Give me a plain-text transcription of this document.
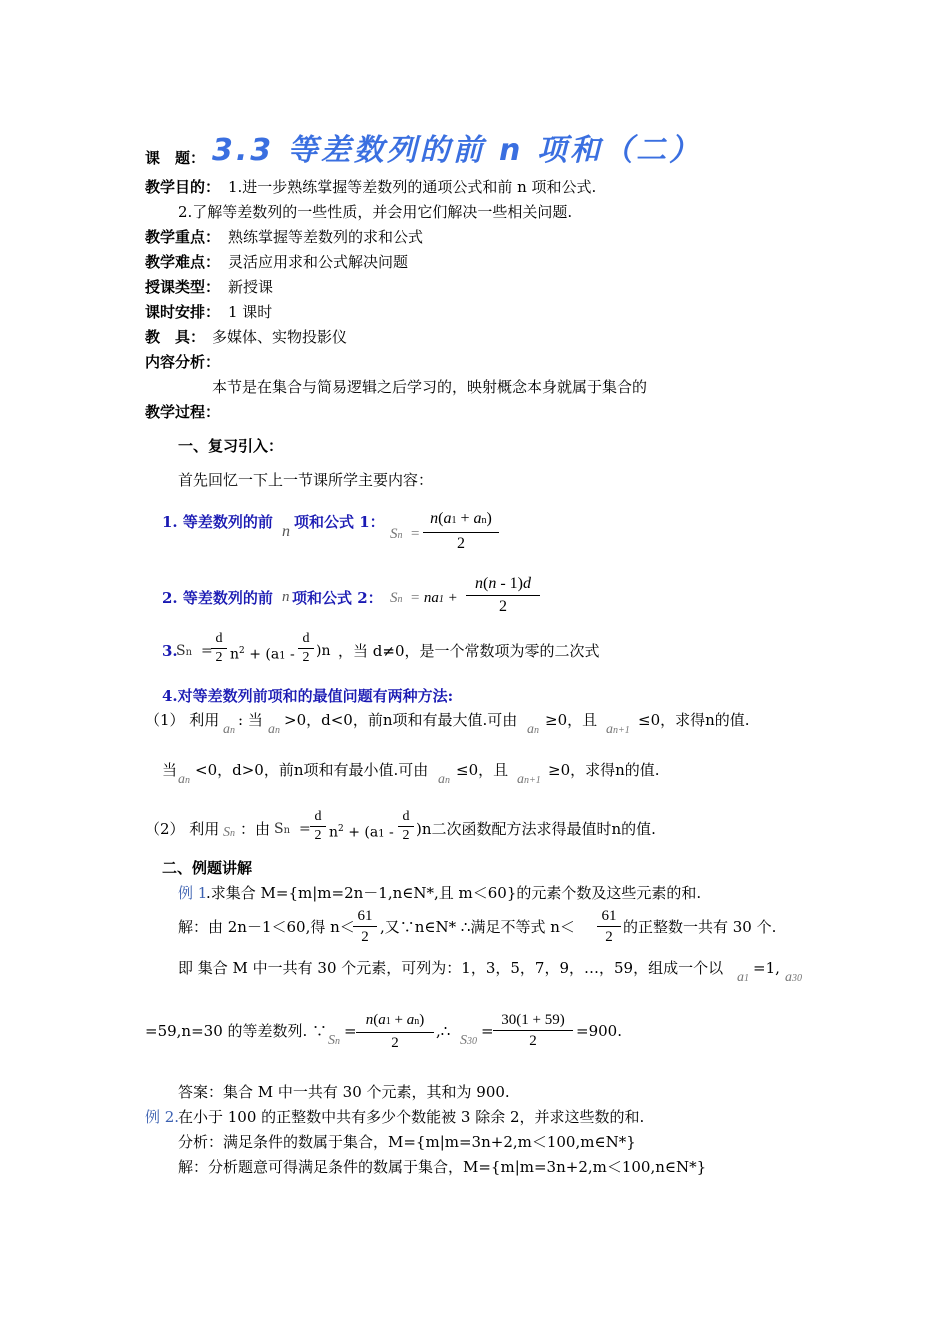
课　题： 3.3 等差数列的前 n 项和（二）
教学目的： 1.进一步熟练掌握等差数列的通项公式和前 n 项和公式.
2.了解等差数列的一些性质，并会用它们解决一些相关问题.
教学重点： 熟练掌握等差数列的求和公式
教学难点： 灵活应用求和公式解决问题
授课类型： 新授课
课时安排： 1 课时
教　具： 多媒体、实物投影仪
内容分析：
本节是在集合与简易逻辑之后学习的，映射概念本身就属于集合的
教学过程：
一、复习引入：
首先回忆一下上一节课所学主要内容：
1. 等差数列的前
n
项和公式 1：
$Sn = \frac{n(a1 + an)}{2}$
2. 等差数列的前 n 项和公式 2： $Sn = na1 + \frac{n(n - 1)d}{2}$
3.
Sn  =
$\frac{d}{2} n^2 + (a1 - \frac{d}{2} )n$ ，当 d≠0，是一个常数项为零的二次式
4.对等差数列前项和的最值问题有两种方法:
（1） 利用
an
: 当
an
>0，d<0，前n项和有最大值.可由
an
≥0，且
an+1
≤0，求得n的值.
当
an
<0，d>0，前n项和有最小值.可由
an
≤0，且
an+1
≥0，求得n的值.
（2） 利用 Sn ：由 $Sn = \frac{d}{2} n^2 + (a1 - \frac{d}{2} )n$二次函数配方法求得最值时n的值.
二、例题讲解
例 1
.求集合 M={m|m=2n－1,n∈N*,且 m＜60}的元素个数及这些元素的和.
解：由 2n－1＜60,得 n＜
$\frac{61}{2}$ ,又∵n∈N* ∴满足不等式 $n< \frac{61}{2}$ 的正整数一共有 30 个.
即 集合 M 中一共有 30 个元素，可列为：1，3，5，7，9，…，59，组成一个以
a1
=1,
a30
=59,n=30 的等差数列. ∵
Sn
= $\frac{n(a1 + an)}{2}$ ,∴
S30
= $\frac{30(1 + 59)}{2} =900$.
答案：集合 M 中一共有 30 个元素，其和为 900.
例 2.
在小于 100 的正整数中共有多少个数能被 3 除余 2，并求这些数的和.
分析：满足条件的数属于集合，M={m|m=3n+2,m＜100,m∈N*}
解：分析题意可得满足条件的数属于集合，M={m|m=3n+2,m＜100,n∈N*}
